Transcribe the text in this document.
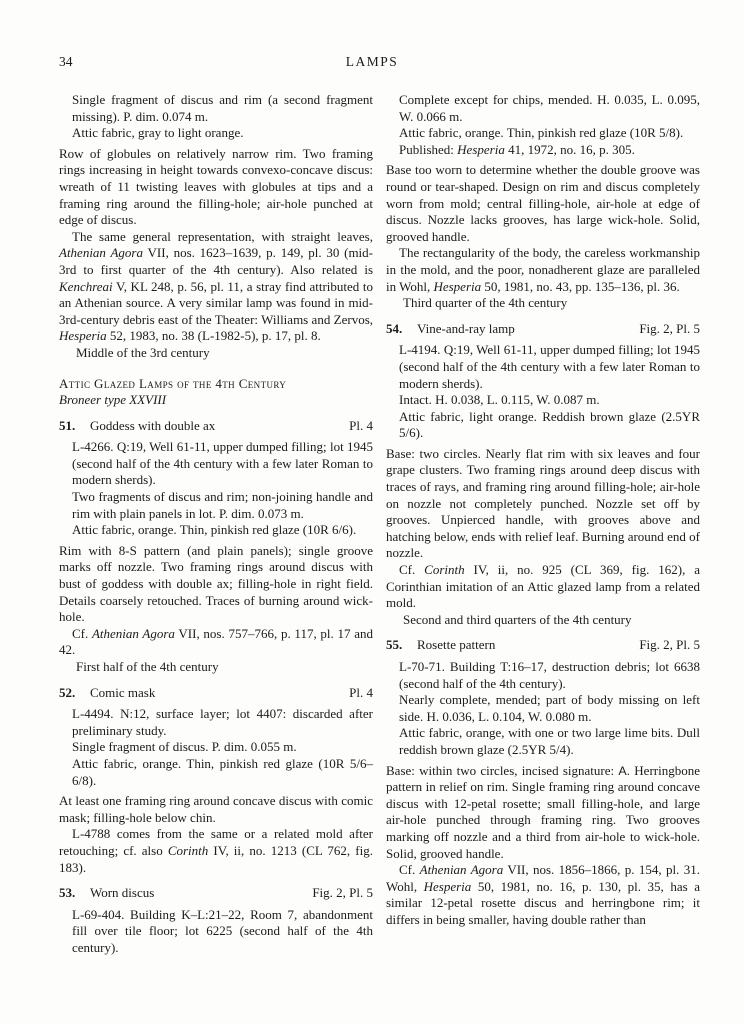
34	LAMPS
Single fragment of discus and rim (a second fragment missing). P. dim. 0.074 m.
Attic fabric, gray to light orange.
Row of globules on relatively narrow rim. Two framing rings increasing in height towards convexo-concave discus: wreath of 11 twisting leaves with globules at tips and a framing ring around the filling-hole; air-hole punched at edge of discus.
The same general representation, with straight leaves, Athenian Agora VII, nos. 1623–1639, p. 149, pl. 30 (mid-3rd to first quarter of the 4th century). Also related is Kenchreai V, KL 248, p. 56, pl. 11, a stray find attributed to an Athenian source. A very similar lamp was found in mid-3rd-century debris east of the Theater: Williams and Zervos, Hesperia 52, 1983, no. 38 (L-1982-5), p. 17, pl. 8.
Middle of the 3rd century
Attic Glazed Lamps of the 4th Century
Broneer type XXVIII
51.	Goddess with double ax	Pl. 4
L-4266. Q:19, Well 61-11, upper dumped filling; lot 1945 (second half of the 4th century with a few later Roman to modern sherds).
Two fragments of discus and rim; non-joining handle and rim with plain panels in lot. P. dim. 0.073 m.
Attic fabric, orange. Thin, pinkish red glaze (10R 6/6).
Rim with 8-S pattern (and plain panels); single groove marks off nozzle. Two framing rings around discus with bust of goddess with double ax; filling-hole in right field. Details coarsely retouched. Traces of burning around wick-hole.
Cf. Athenian Agora VII, nos. 757–766, p. 117, pl. 17 and 42.
First half of the 4th century
52.	Comic mask	Pl. 4
L-4494. N:12, surface layer; lot 4407: discarded after preliminary study.
Single fragment of discus. P. dim. 0.055 m.
Attic fabric, orange. Thin, pinkish red glaze (10R 5/6–6/8).
At least one framing ring around concave discus with comic mask; filling-hole below chin.
L-4788 comes from the same or a related mold after retouching; cf. also Corinth IV, ii, no. 1213 (CL 762, fig. 183).
53.	Worn discus	Fig. 2, Pl. 5
L-69-404. Building K–L:21–22, Room 7, abandonment fill over tile floor; lot 6225 (second half of the 4th century).
Complete except for chips, mended. H. 0.035, L. 0.095, W. 0.066 m.
Attic fabric, orange. Thin, pinkish red glaze (10R 5/8).
Published: Hesperia 41, 1972, no. 16, p. 305.
Base too worn to determine whether the double groove was round or tear-shaped. Design on rim and discus completely worn from mold; central filling-hole, air-hole at edge of discus. Nozzle lacks grooves, has large wick-hole. Solid, grooved handle.
The rectangularity of the body, the careless workmanship in the mold, and the poor, nonadherent glaze are paralleled in Wohl, Hesperia 50, 1981, no. 43, pp. 135–136, pl. 36.
Third quarter of the 4th century
54.	Vine-and-ray lamp	Fig. 2, Pl. 5
L-4194. Q:19, Well 61-11, upper dumped filling; lot 1945 (second half of the 4th century with a few later Roman to modern sherds).
Intact. H. 0.038, L. 0.115, W. 0.087 m.
Attic fabric, light orange. Reddish brown glaze (2.5YR 5/6).
Base: two circles. Nearly flat rim with six leaves and four grape clusters. Two framing rings around deep discus with traces of rays, and framing ring around filling-hole; air-hole on nozzle not completely punched. Nozzle set off by grooves. Unpierced handle, with grooves above and hatching below, ends with relief leaf. Burning around end of nozzle.
Cf. Corinth IV, ii, no. 925 (CL 369, fig. 162), a Corinthian imitation of an Attic glazed lamp from a related mold.
Second and third quarters of the 4th century
55.	Rosette pattern	Fig. 2, Pl. 5
L-70-71. Building T:16–17, destruction debris; lot 6638 (second half of the 4th century).
Nearly complete, mended; part of body missing on left side. H. 0.036, L. 0.104, W. 0.080 m.
Attic fabric, orange, with one or two large lime bits. Dull reddish brown glaze (2.5YR 5/4).
Base: within two circles, incised signature: A. Herringbone pattern in relief on rim. Single framing ring around concave discus with 12-petal rosette; small filling-hole, and large air-hole punched through framing ring. Two grooves marking off nozzle and a third from air-hole to wick-hole. Solid, grooved handle.
Cf. Athenian Agora VII, nos. 1856–1866, p. 154, pl. 31. Wohl, Hesperia 50, 1981, no. 16, p. 130, pl. 35, has a similar 12-petal rosette discus and herringbone rim; it differs in being smaller, having double rather than
